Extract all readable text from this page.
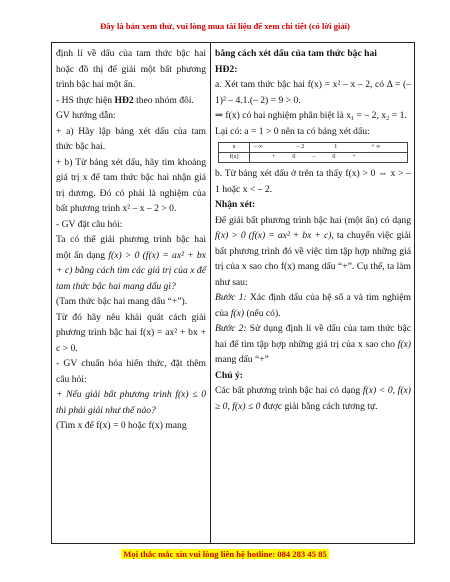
Đây là bản xem thử, vui lòng mua tài liệu để xem chi tiết (có lời giải)

định lí về dấu của tam thức bậc hai hoặc đồ thị để giải một bất phương trình bậc hai một ẩn.

- HS thực hiện HĐ2 theo nhóm đôi.

GV hướng dẫn:

+ a) Hãy lập bảng xét dấu của tam thức bậc hai.

+ b) Từ bảng xét dấu, hãy tìm khoảng giá trị x để tam thức bậc hai nhận giá trị dương. Đó có phải là nghiệm của bất phương trình x² – x – 2 > 0.

- GV đặt câu hỏi:

Ta có thể giải phương trình bậc hai một ẩn dạng f(x) > 0 (f(x) = ax² + bx + c) bằng cách tìm các giá trị của x để tam thức bậc hai mang dấu gì?

(Tam thức bậc hai mang dấu “+”).

Từ đó hãy nêu khái quát cách giải phương trình bậc hai f(x) = ax² + bx + c > 0.

- GV chuẩn hóa hiến thức, đặt thêm câu hỏi:

+ Nếu giải bất phương trình f(x) ≤ 0 thì phải giải như thế nào?

(Tìm x để f(x) = 0 hoặc f(x) mang

bằng cách xét dấu của tam thức bậc hai

HĐ2:

a. Xét tam thức bậc hai f(x) = x² – x – 2, có Δ = (– 1)² – 4.1.(– 2) = 9 > 0.

⇒ f(x) có hai nghiệm phân biệt là x₁ = – 2, x₂ = 1.

Lại có: a = 1 > 0 nên ta có bảng xét dấu:

x	– ∞ – 2 1 + ∞
f(x)	+ 0 – 0 +

b. Từ bảng xét dấu ở trên ta thấy f(x) > 0 ⇔ x > – 1 hoặc x < – 2.

Nhận xét:

Để giải bất phương trình bậc hai (một ẩn) có dạng f(x) > 0 (f(x) = ax² + bx + c), ta chuyển việc giải bất phương trình đó về việc tìm tập hợp những giá trị của x sao cho f(x) mang dấu “+”. Cụ thể, ta làm như sau:

Bước 1: Xác định dấu của hệ số a và tìm nghiệm của f(x) (nếu có).

Bước 2: Sử dụng định lí về dấu của tam thức bậc hai để tìm tập hợp những giá trị của x sao cho f(x) mang dấu “+”

Chú ý:

Các bất phương trình bậc hai có dạng f(x) < 0, f(x) ≥ 0, f(x) ≤ 0 được giải bằng cách tương tự.

Mọi thắc mắc xin vui lòng liên hệ hotline: 084 283 45 85
